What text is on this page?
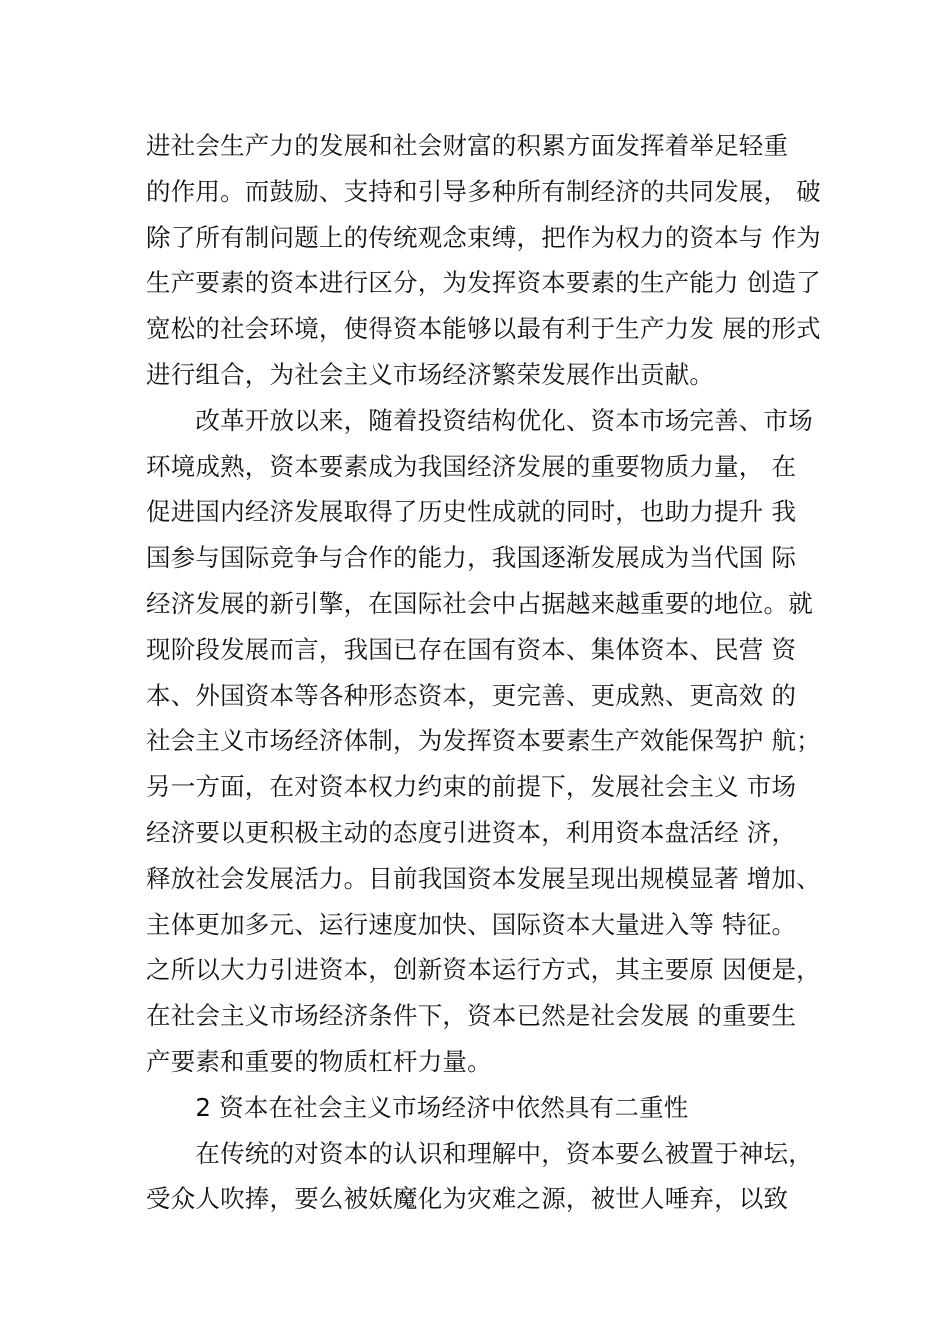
进社会生产力的发展和社会财富的积累方面发挥着举足轻重
的作用。而鼓励、支持和引导多种所有制经济的共同发展， 破
除了所有制问题上的传统观念束缚，把作为权力的资本与 作为
生产要素的资本进行区分，为发挥资本要素的生产能力 创造了
宽松的社会环境，使得资本能够以最有利于生产力发 展的形式
进行组合，为社会主义市场经济繁荣发展作出贡献。
　　改革开放以来，随着投资结构优化、资本市场完善、市场
环境成熟，资本要素成为我国经济发展的重要物质力量， 在
促进国内经济发展取得了历史性成就的同时，也助力提升 我
国参与国际竞争与合作的能力，我国逐渐发展成为当代国 际
经济发展的新引擎，在国际社会中占据越来越重要的地位。就
现阶段发展而言，我国已存在国有资本、集体资本、民营 资
本、外国资本等各种形态资本，更完善、更成熟、更高效 的
社会主义市场经济体制，为发挥资本要素生产效能保驾护 航；
另一方面，在对资本权力约束的前提下，发展社会主义 市场
经济要以更积极主动的态度引进资本，利用资本盘活经 济，
释放社会发展活力。目前我国资本发展呈现出规模显著 增加、
主体更加多元、运行速度加快、国际资本大量进入等 特征。
之所以大力引进资本，创新资本运行方式，其主要原 因便是，
在社会主义市场经济条件下，资本已然是社会发展 的重要生
产要素和重要的物质杠杆力量。
　　2 资本在社会主义市场经济中依然具有二重性
　　在传统的对资本的认识和理解中，资本要么被置于神坛，
受众人吹捧，要么被妖魔化为灾难之源，被世人唾弃，以致
